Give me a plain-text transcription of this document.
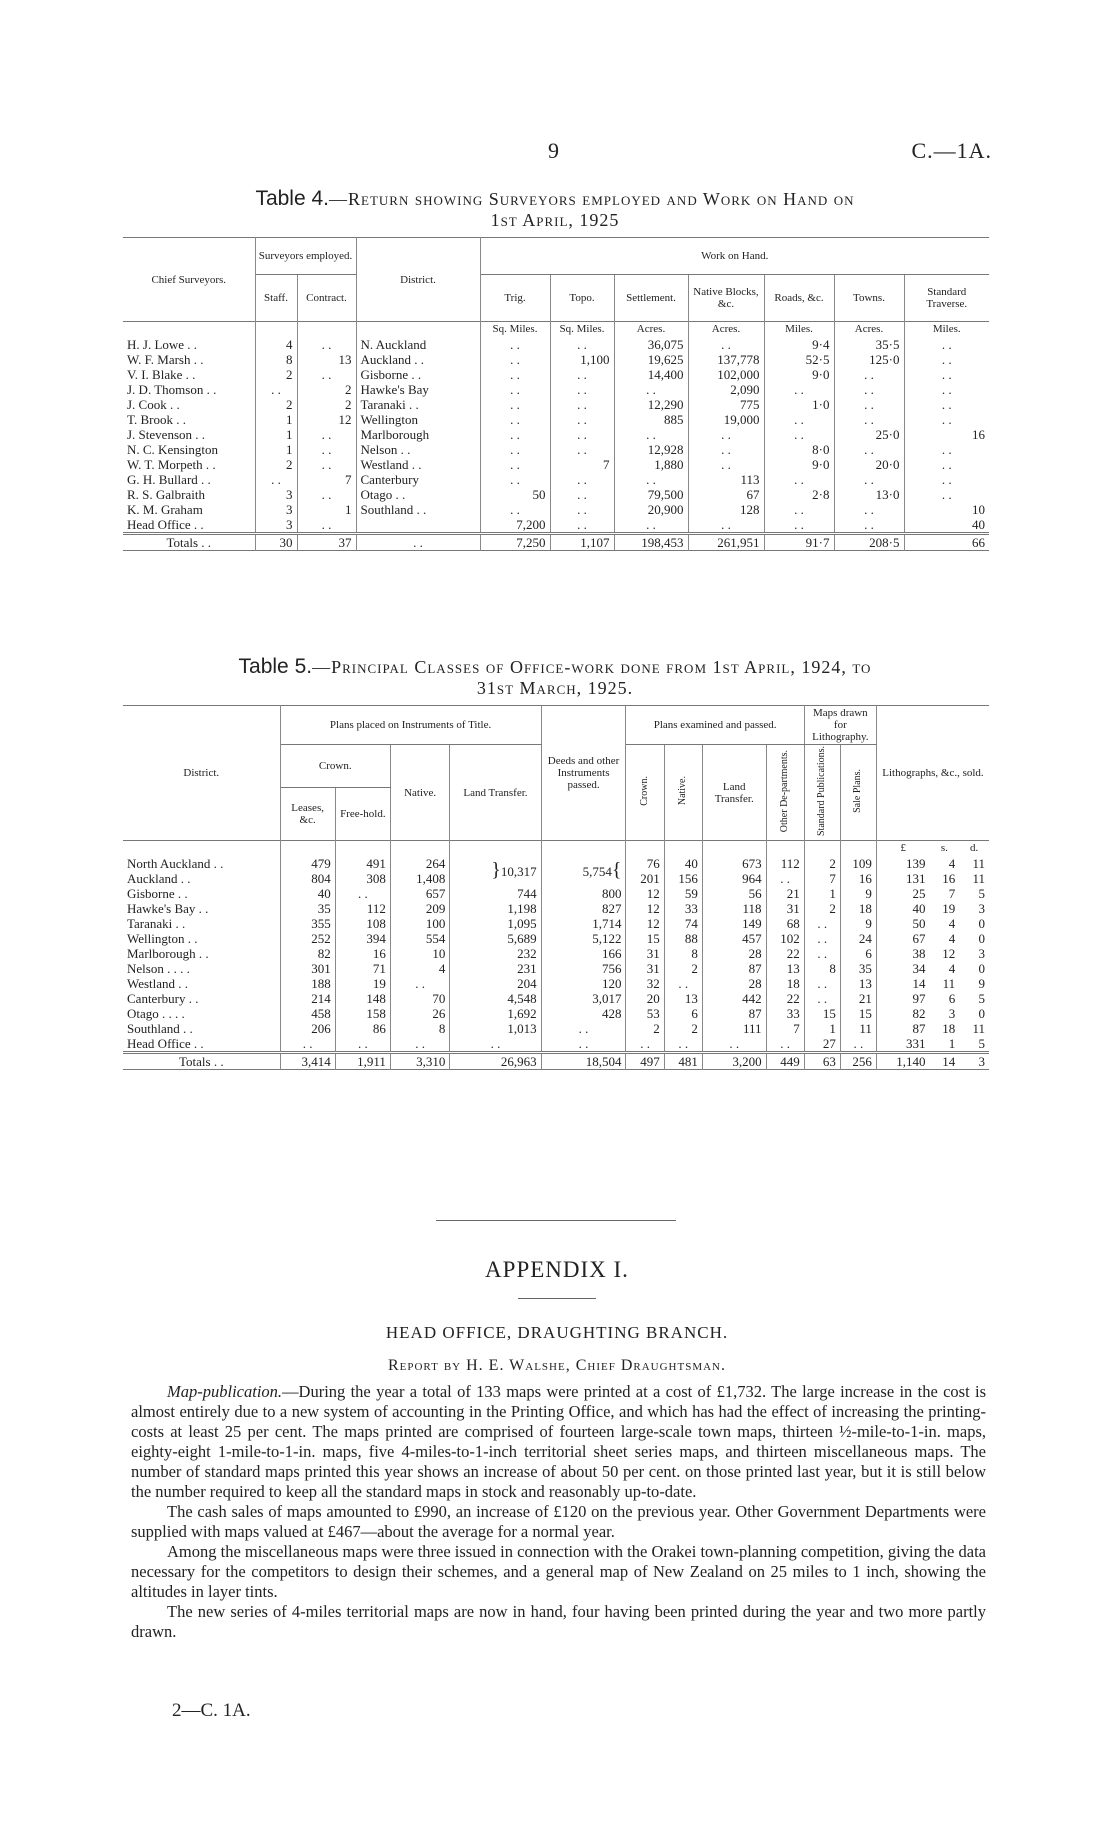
9	C.—1A.
Table 4.—Return showing Surveyors employed and Work on Hand on
1st April, 1925
Chief Surveyors.	Surveyors employed.		District.	Work on Hand.						
	Staff.	Contract.		Trig.	Topo.	Settlement.	Native Blocks, &c.	Roads, &c.	Towns.	Standard Traverse.
				Sq. Miles.	Sq. Miles.	Acres.	Acres.	Miles.	Acres.	Miles.
H. J. Lowe . .	4	. .	N. Auckland	. .	. .	36,075	. .	9·4	35·5	. .
W. F. Marsh . .	8	13	Auckland . .	. .	1,100	19,625	137,778	52·5	125·0	. .
V. I. Blake . .	2	. .	Gisborne . .	. .	. .	14,400	102,000	9·0	. .	. .
J. D. Thomson . .	. .	2	Hawke's Bay	. .	. .	. .	2,090	. .	. .	. .
J. Cook . .	2	2	Taranaki . .	. .	. .	12,290	775	1·0	. .	. .
T. Brook . .	1	12	Wellington	. .	. .	885	19,000	. .	. .	. .
J. Stevenson . .	1	. .	Marlborough	. .	. .	. .	. .	. .	25·0	16
N. C. Kensington	1	. .	Nelson . .	. .	. .	12,928	. .	8·0	. .	. .
W. T. Morpeth . .	2	. .	Westland . .	. .	7	1,880	. .	9·0	20·0	. .
G. H. Bullard . .	. .	7	Canterbury	. .	. .	. .	113	. .	. .	. .
R. S. Galbraith	3	. .	Otago . .	50	. .	79,500	67	2·8	13·0	. .
K. M. Graham	3	1	Southland . .	. .	. .	20,900	128	. .	. .	10
Head Office . .	3	. .		7,200	. .	. .	. .	. .	. .	40
Totals . .	30	37	. .	7,250	1,107	198,453	261,951	91·7	208·5	66
Table 5.—Principal Classes of Office-work done from 1st April, 1924, to
31st March, 1925.
District.	Plans placed on Instruments of Title.				Deeds and other Instruments passed.	Plans examined and passed.				Maps drawn for Lithography.		Lithographs, &c., sold.		
	Crown.		Native.	Land Transfer.		Crown.	Native.	Land Transfer.	Other De-partments.	Standard Publications.	Sale Plans.			
	Leases, &c.	Free-hold.												
												£	s.	d.
North Auckland . .	479	491	264	}10,317	5,754{	76	40	673	112	2	109	139	4	11
Auckland . .	804	308	1,408			201	156	964	. .	7	16	131	16	11
Gisborne . .	40	. .	657	744	800	12	59	56	21	1	9	25	7	5
Hawke's Bay . .	35	112	209	1,198	827	12	33	118	31	2	18	40	19	3
Taranaki . .	355	108	100	1,095	1,714	12	74	149	68	. .	9	50	4	0
Wellington . .	252	394	554	5,689	5,122	15	88	457	102	. .	24	67	4	0
Marlborough . .	82	16	10	232	166	31	8	28	22	. .	6	38	12	3
Nelson . . . .	301	71	4	231	756	31	2	87	13	8	35	34	4	0
Westland . .	188	19	. .	204	120	32	. .	28	18	. .	13	14	11	9
Canterbury . .	214	148	70	4,548	3,017	20	13	442	22	. .	21	97	6	5
Otago . . . .	458	158	26	1,692	428	53	6	87	33	15	15	82	3	0
Southland . .	206	86	8	1,013	. .	2	2	111	7	1	11	87	18	11
Head Office . .	. .	. .	. .	. .	. .	. .	. .	. .	. .	27	. .	331	1	5
Totals . .	3,414	1,911	3,310	26,963	18,504	497	481	3,200	449	63	256	1,140	14	3
APPENDIX I.
HEAD OFFICE, DRAUGHTING BRANCH.
Report by H. E. Walshe, Chief Draughtsman.

Map-publication.—During the year a total of 133 maps were printed at a cost of £1,732. The large increase in the cost is almost entirely due to a new system of accounting in the Printing Office, and which has had the effect of increasing the printing-costs at least 25 per cent. The maps printed are comprised of fourteen large-scale town maps, thirteen ½-mile-to-1-in. maps, eighty-eight 1-mile-to-1-in. maps, five 4-miles-to-1-inch territorial sheet series maps, and thirteen miscellaneous maps. The number of standard maps printed this year shows an increase of about 50 per cent. on those printed last year, but it is still below the number required to keep all the standard maps in stock and reasonably up-to-date.

The cash sales of maps amounted to £990, an increase of £120 on the previous year. Other Government Departments were supplied with maps valued at £467—about the average for a normal year.

Among the miscellaneous maps were three issued in connection with the Orakei town-planning competition, giving the data necessary for the competitors to design their schemes, and a general map of New Zealand on 25 miles to 1 inch, showing the altitudes in layer tints.

The new series of 4-miles territorial maps are now in hand, four having been printed during the year and two more partly drawn.

2—C. 1A.
